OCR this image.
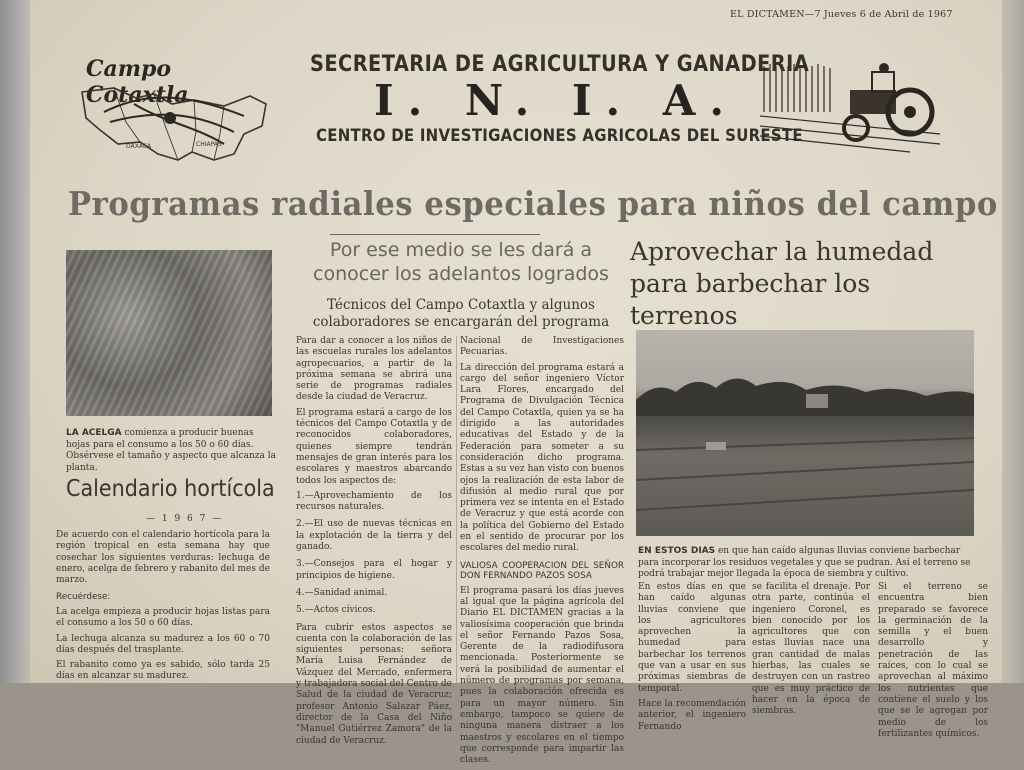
EL DICTAMEN—7 Jueves 6 de Abril de 1967
Campo Cotaxtla
OAXACA	CHIAPAS
SECRETARIA DE AGRICULTURA Y GANADERIA
I. N. I. A.
CENTRO DE INVESTIGACIONES AGRICOLAS DEL SURESTE
Programas radiales especiales para niños del campo
LA ACELGA comienza a producir buenas hojas para el consumo a los 50 o 60 días. Obsérvese el tamaño y aspecto que alcanza la planta.
Calendario hortícola
— 1 9 6 7 —

De acuerdo con el calendario hortícola para la región tropical en esta semana hay que cosechar los siguientes verduras: lechuga de enero, acelga de febrero y rabanito del mes de marzo.

Recuérdese:

La acelga empieza a producir hojas listas para el consumo a los 50 o 60 días.

La lechuga alcanza su madurez a los 60 o 70 días después del trasplante.

El rabanito como ya es sabido, sólo tarda 25 días en alcanzar su madurez.

Por ese medio se les dará a conocer los adelantos logrados
Técnicos del Campo Cotaxtla y algunos colaboradores se encargarán del programa

Para dar a conocer a los niños de las escuelas rurales los adelantos agropecuarios, a partir de la próxima semana se abrirá una serie de programas radiales desde la ciudad de Veracruz.

El programa estará a cargo de los técnicos del Campo Cotaxtla y de reconocidos colaboradores, quienes siempre tendrán mensajes de gran interés para los escolares y maestros abarcando todos los aspectos de:

1.—Aprovechamiento de los recursos naturales.

2.—El uso de nuevas técnicas en la explotación de la tierra y del ganado.

3.—Consejos para el hogar y principios de higiene.

4.—Sanidad animal.

5.—Actos cívicos.

Para cubrir estos aspectos se cuenta con la colaboración de las siguientes personas: señora María Luisa Fernández de Vázquez del Mercado, enfermera y trabajadora social del Centro de Salud de la ciudad de Veracruz; profesor Antonio Salazar Páez, director de la Casa del Niño "Manuel Gutiérrez Zamora" de la ciudad de Veracruz.

Nacional de Investigaciones Pecuarias.

La dirección del programa estará a cargo del señor ingeniero Víctor Lara Flores, encargado del Programa de Divulgación Técnica del Campo Cotaxtla, quien ya se ha dirigido a las autoridades educativas del Estado y de la Federación para someter a su consideración dicho programa. Estas a su vez han visto con buenos ojos la realización de esta labor de difusión al medio rural que por primera vez se intenta en el Estado de Veracruz y que está acorde con la política del Gobierno del Estado en el sentido de procurar por los escolares del medio rural.

VALIOSA COOPERACION DEL SEÑOR DON FERNANDO PAZOS SOSA

El programa pasará los días jueves al igual que la página agrícola del Diario EL DICTAMEN gracias a la valiosísima cooperación que brinda el señor Fernando Pazos Sosa, Gerente de la radiodifusora mencionada. Posteriormente se verá la posibilidad de aumentar el número de programas por semana, pues la colaboración ofrecida es para un mayor número. Sin embargo, tampoco se quiere de ninguna manera distraer a los maestros y escolares en el tiempo que corresponde para impartir las clases.

Aprovechar la humedad para barbechar los terrenos
EN ESTOS DIAS en que han caído algunas lluvias conviene barbechar para incorporar los residuos vegetales y que se pudran. Así el terreno se podrá trabajar mejor llegada la época de siembra y cultivo.

En estos días en que han caído algunas lluvias conviene que los agricultores aprovechen la humedad para barbechar los terrenos que van a usar en sus próximas siembras de temporal.

Hace la recomendación anterior, el ingeniero Fernando

se facilita el drenaje. Por otra parte, continúa el ingeniero Coronel, es bien conocido por los agricultores que con estas lluvias nace una gran cantidad de malas hierbas, las cuales se destruyen con un rastreo que es muy práctico de hacer en la época de siembras.

Si el terreno se encuentra bien preparado se favorece la germinación de la semilla y el buen desarrollo y penetración de las raíces, con lo cual se aprovechan al máximo los nutrientes que contiene el suelo y los que se le agregan por medio de los fertilizantes químicos.
